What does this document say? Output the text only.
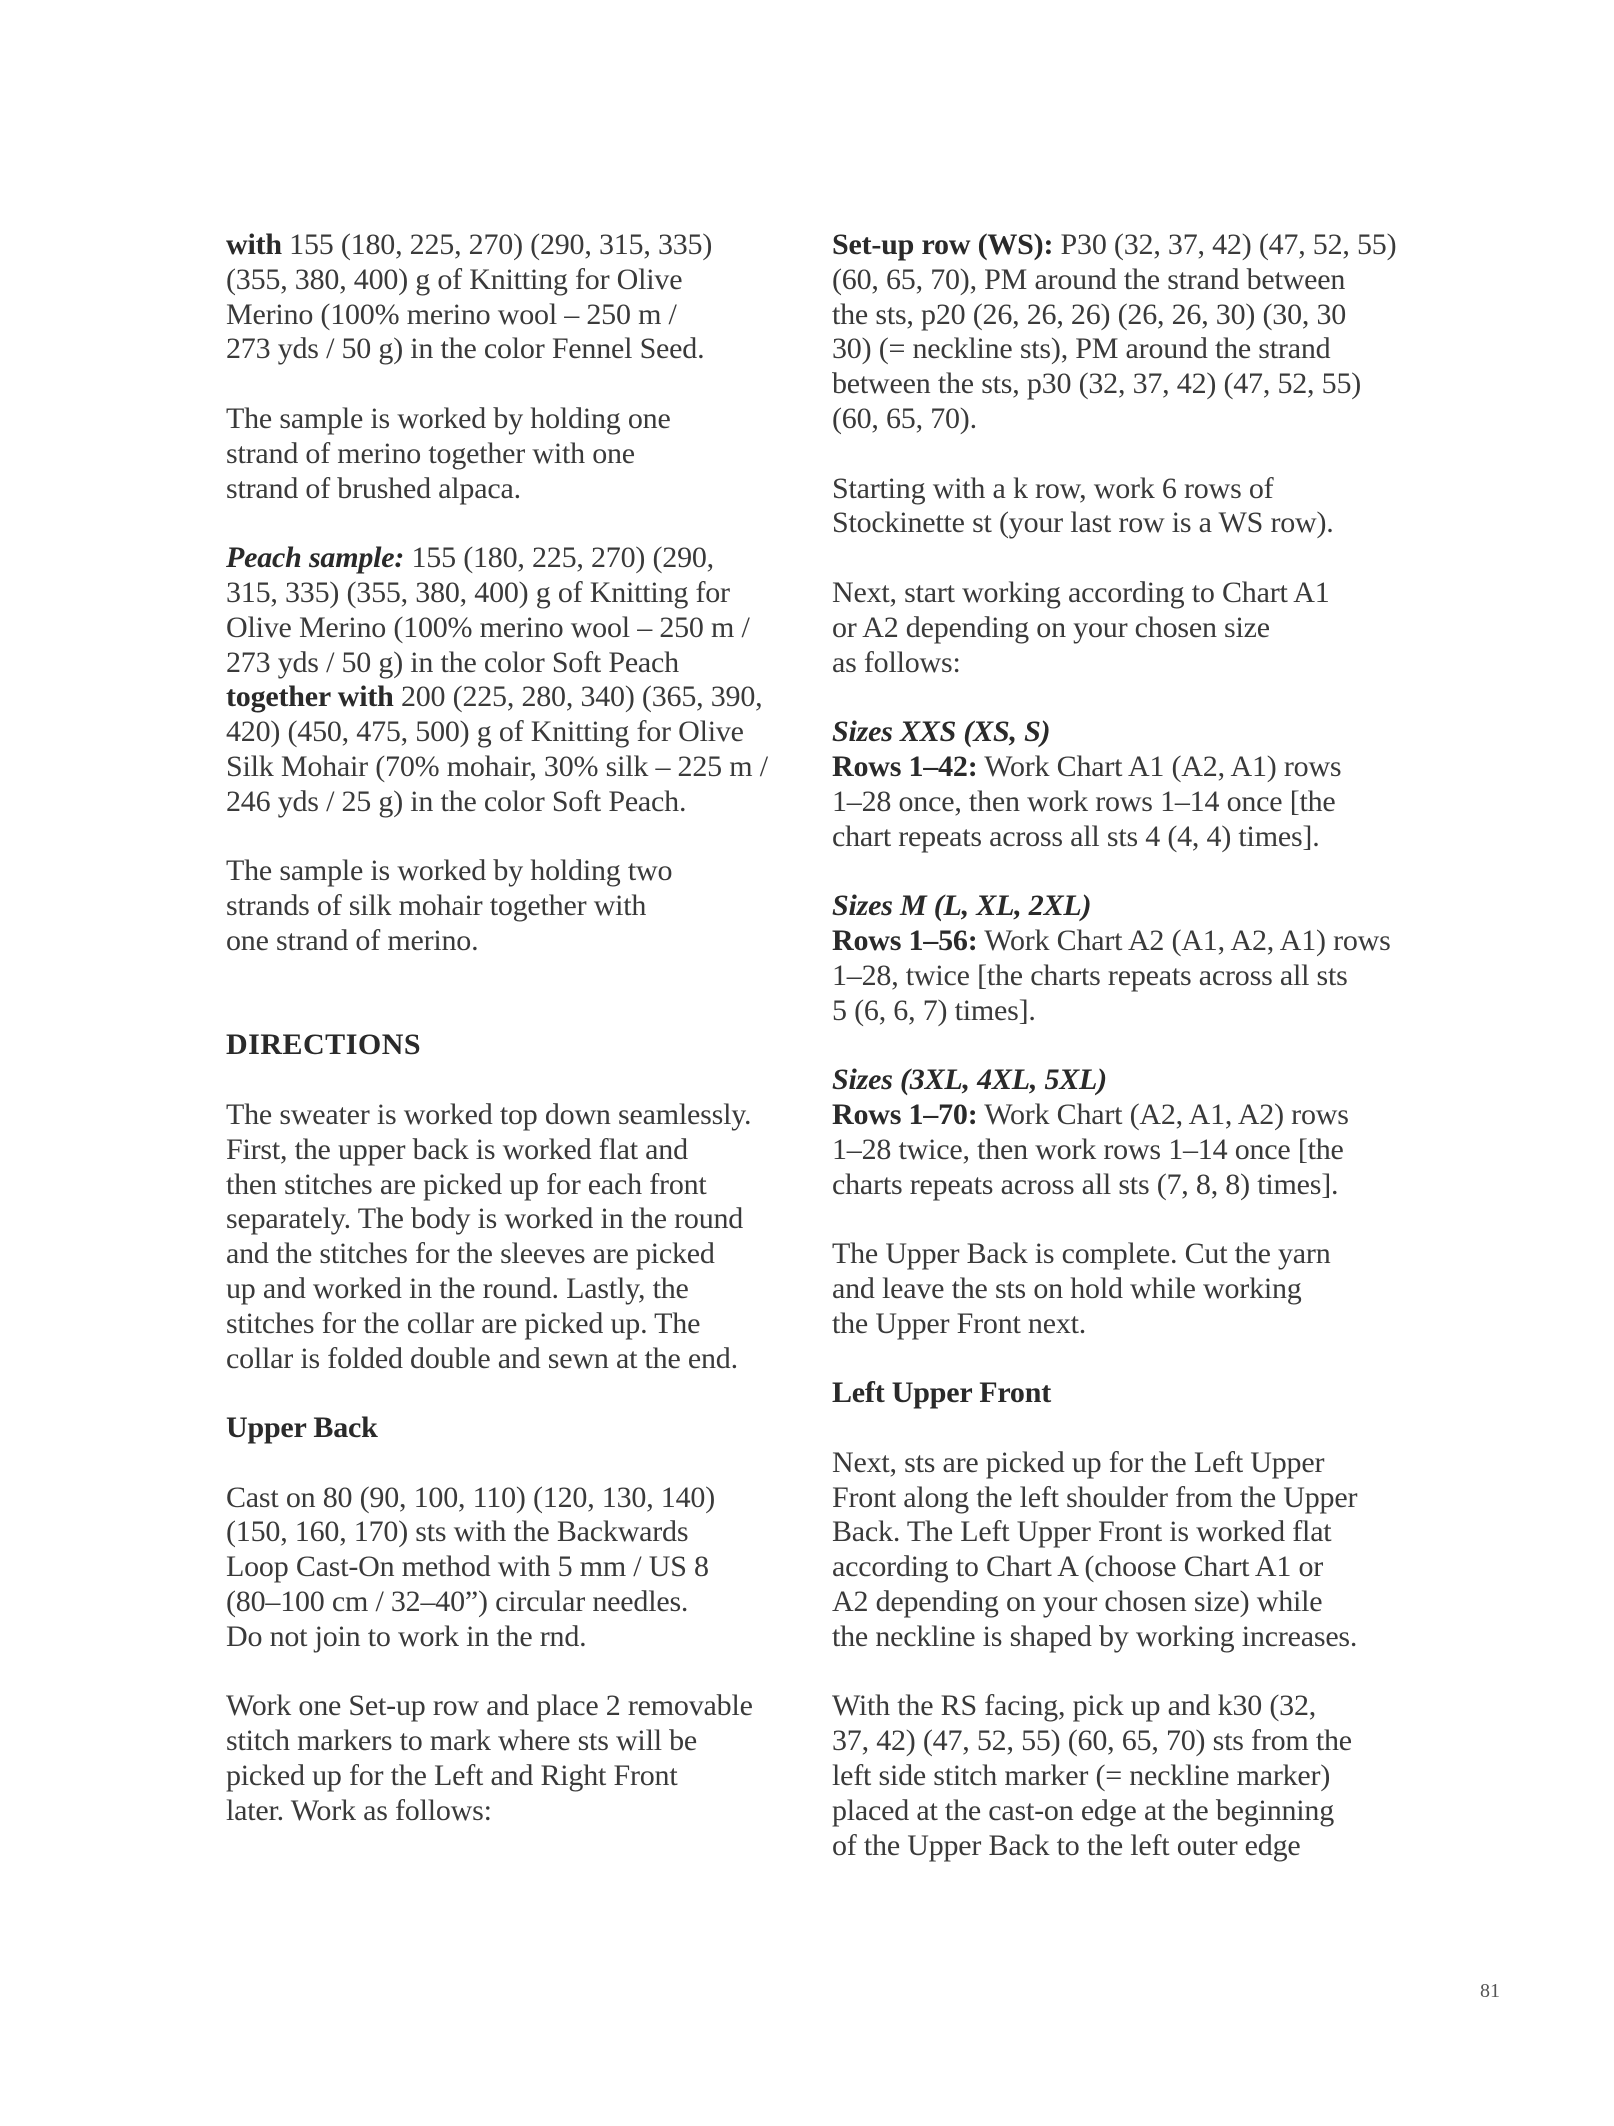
with 155 (180, 225, 270) (290, 315, 335)
(355, 380, 400) g of Knitting for Olive
Merino (100% merino wool – 250 m /
273 yds / 50 g) in the color Fennel Seed.
The sample is worked by holding one
strand of merino together with one
strand of brushed alpaca.
Peach sample: 155 (180, 225, 270) (290,
315, 335) (355, 380, 400) g of Knitting for
Olive Merino (100% merino wool – 250 m /
273 yds / 50 g) in the color Soft Peach
together with 200 (225, 280, 340) (365, 390,
420) (450, 475, 500) g of Knitting for Olive
Silk Mohair (70% mohair, 30% silk – 225 m /
246 yds / 25 g) in the color Soft Peach.
The sample is worked by holding two
strands of silk mohair together with
one strand of merino.
DIRECTIONS
The sweater is worked top down seamlessly.
First, the upper back is worked flat and
then stitches are picked up for each front
separately. The body is worked in the round
and the stitches for the sleeves are picked
up and worked in the round. Lastly, the
stitches for the collar are picked up. The
collar is folded double and sewn at the end.
Upper Back
Cast on 80 (90, 100, 110) (120, 130, 140)
(150, 160, 170) sts with the Backwards
Loop Cast-On method with 5 mm / US 8
(80–100 cm / 32–40”) circular needles.
Do not join to work in the rnd.
Work one Set-up row and place 2 removable
stitch markers to mark where sts will be
picked up for the Left and Right Front
later. Work as follows:
Set-up row (WS): P30 (32, 37, 42) (47, 52, 55)
(60, 65, 70), PM around the strand between
the sts, p20 (26, 26, 26) (26, 26, 30) (30, 30
30) (= neckline sts), PM around the strand
between the sts, p30 (32, 37, 42) (47, 52, 55)
(60, 65, 70).
Starting with a k row, work 6 rows of
Stockinette st (your last row is a WS row).
Next, start working according to Chart A1
or A2 depending on your chosen size
as follows:
Sizes XXS (XS, S)
Rows 1–42: Work Chart A1 (A2, A1) rows
1–28 once, then work rows 1–14 once [the
chart repeats across all sts 4 (4, 4) times].
Sizes M (L, XL, 2XL)
Rows 1–56: Work Chart A2 (A1, A2, A1) rows
1–28, twice [the charts repeats across all sts
5 (6, 6, 7) times].
Sizes (3XL, 4XL, 5XL)
Rows 1–70: Work Chart (A2, A1, A2) rows
1–28 twice, then work rows 1–14 once [the
charts repeats across all sts (7, 8, 8) times].
The Upper Back is complete. Cut the yarn
and leave the sts on hold while working
the Upper Front next.
Left Upper Front
Next, sts are picked up for the Left Upper
Front along the left shoulder from the Upper
Back. The Left Upper Front is worked flat
according to Chart A (choose Chart A1 or
A2 depending on your chosen size) while
the neckline is shaped by working increases.
With the RS facing, pick up and k30 (32,
37, 42) (47, 52, 55) (60, 65, 70) sts from the
left side stitch marker (= neckline marker)
placed at the cast-on edge at the beginning
of the Upper Back to the left outer edge
81
